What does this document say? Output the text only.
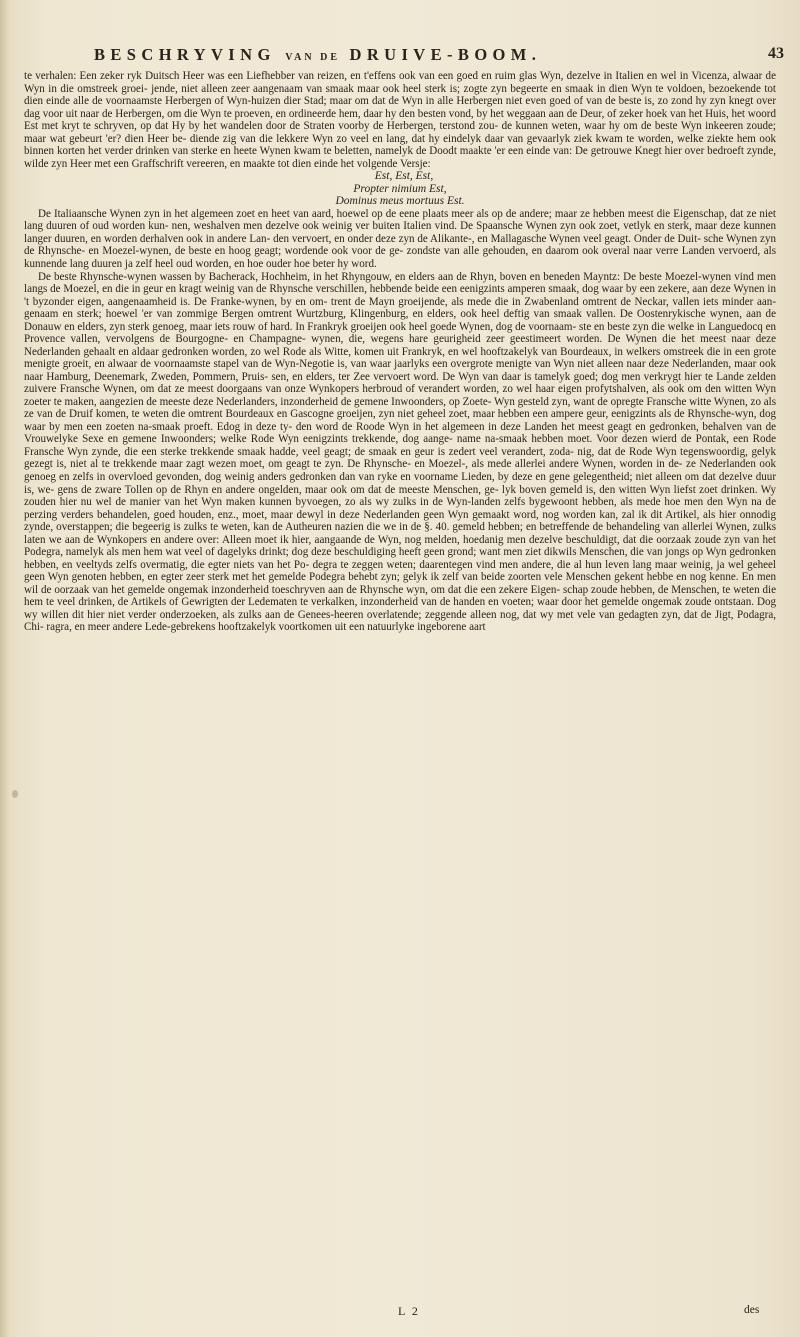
BESCHRYVING VAN DE DRUIVE-BOOM.	43

te verhalen: Een zeker ryk Duitsch Heer was een Liefhebber van reizen, en t'effens ook van een goed en ruim glas Wyn, dezelve in Italien en wel in Vicenza, alwaar de Wyn in die omstreek groei- jende, niet alleen zeer aangenaam van smaak maar ook heel sterk is; zogte zyn begeerte en smaak in dien Wyn te voldoen, bezoekende tot dien einde alle de voornaamste Herbergen of Wyn-huizen dier Stad; maar om dat de Wyn in alle Herbergen niet even goed of van de beste is, zo zond hy zyn knegt over dag voor uit naar de Herbergen, om die Wyn te proeven, en ordineerde hem, daar hy den besten vond, by het weggaan aan de Deur, of zeker hoek van het Huis, het woord Est met kryt te schryven, op dat Hy by het wandelen door de Straten voorby de Herbergen, terstond zou- de kunnen weten, waar hy om de beste Wyn inkeeren zoude; maar wat gebeurt 'er? dien Heer be- diende zig van die lekkere Wyn zo veel en lang, dat hy eindelyk daar van gevaarlyk ziek kwam te worden, welke ziekte hem ook binnen korten het verder drinken van sterke en heete Wynen kwam te beletten, namelyk de Doodt maakte 'er een einde van: De getrouwe Knegt hier over bedroeft zynde, wilde zyn Heer met een Graffschrift vereeren, en maakte tot dien einde het volgende Versje:

Est, Est, Est,

Propter nimium Est,

Dominus meus mortuus Est.

De Italiaansche Wynen zyn in het algemeen zoet en heet van aard, hoewel op de eene plaats meer als op de andere; maar ze hebben meest die Eigenschap, dat ze niet lang duuren of oud worden kun- nen, weshalven men dezelve ook weinig ver buiten Italien vind. De Spaansche Wynen zyn ook zoet, vetlyk en sterk, maar deze kunnen langer duuren, en worden derhalven ook in andere Lan- den vervoert, en onder deze zyn de Alikante-, en Mallagasche Wynen veel geagt. Onder de Duit- sche Wynen zyn de Rhynsche- en Moezel-wynen, de beste en hoog geagt; wordende ook voor de ge- zondste van alle gehouden, en daarom ook overal naar verre Landen vervoerd, als kunnende lang duuren ja zelf heel oud worden, en hoe ouder hoe beter hy word.

De beste Rhynsche-wynen wassen by Bacherack, Hochheim, in het Rhyngouw, en elders aan de Rhyn, boven en beneden Mayntz: De beste Moezel-wynen vind men langs de Moezel, en die in geur en kragt weinig van de Rhynsche verschillen, hebbende beide een eenigzints amperen smaak, dog waar by een zekere, aan deze Wynen in 't byzonder eigen, aangenaamheid is. De Franke-wynen, by en om- trent de Mayn groeijende, als mede die in Zwabenland omtrent de Neckar, vallen iets minder aan- genaam en sterk; hoewel 'er van zommige Bergen omtrent Wurtzburg, Klingenburg, en elders, ook heel deftig van smaak vallen. De Oostenrykische wynen, aan de Donauw en elders, zyn sterk genoeg, maar iets rouw of hard. In Frankryk groeijen ook heel goede Wynen, dog de voornaam- ste en beste zyn die welke in Languedocq en Provence vallen, vervolgens de Bourgogne- en Champagne- wynen, die, wegens hare geurigheid zeer geestimeert worden. De Wynen die het meest naar deze Nederlanden gehaalt en aldaar gedronken worden, zo wel Rode als Witte, komen uit Frankryk, en wel hooftzakelyk van Bourdeaux, in welkers omstreek die in een grote menigte groeit, en alwaar de voornaamste stapel van de Wyn-Negotie is, van waar jaarlyks een overgrote menigte van Wyn niet alleen naar deze Nederlanden, maar ook naar Hamburg, Deenemark, Zweden, Pommern, Pruis- sen, en elders, ter Zee vervoert word. De Wyn van daar is tamelyk goed; dog men verkrygt hier te Lande zelden zuivere Fransche Wynen, om dat ze meest doorgaans van onze Wynkopers herbroud of verandert worden, zo wel haar eigen profytshalven, als ook om den witten Wyn zoeter te maken, aangezien de meeste deze Nederlanders, inzonderheid de gemene Inwoonders, op Zoete- Wyn gesteld zyn, want de opregte Fransche witte Wynen, zo als ze van de Druif komen, te weten die omtrent Bourdeaux en Gascogne groeijen, zyn niet geheel zoet, maar hebben een ampere geur, eenigzints als de Rhynsche-wyn, dog waar by men een zoeten na-smaak proeft. Edog in deze ty- den word de Roode Wyn in het algemeen in deze Landen het meest geagt en gedronken, behalven van de Vrouwelyke Sexe en gemene Inwoonders; welke Rode Wyn eenigzints trekkende, dog aange- name na-smaak hebben moet. Voor dezen wierd de Pontak, een Rode Fransche Wyn zynde, die een sterke trekkende smaak hadde, veel geagt; de smaak en geur is zedert veel verandert, zoda- nig, dat de Rode Wyn tegenswoordig, gelyk gezegt is, niet al te trekkende maar zagt wezen moet, om geagt te zyn. De Rhynsche- en Moezel-, als mede allerlei andere Wynen, worden in de- ze Nederlanden ook genoeg en zelfs in overvloed gevonden, dog weinig anders gedronken dan van ryke en voorname Lieden, by deze en gene gelegentheid; niet alleen om dat dezelve duur is, we- gens de zware Tollen op de Rhyn en andere ongelden, maar ook om dat de meeste Menschen, ge- lyk boven gemeld is, den witten Wyn liefst zoet drinken. Wy zouden hier nu wel de manier van het Wyn maken kunnen byvoegen, zo als wy zulks in de Wyn-landen zelfs bygewoont hebben, als mede hoe men den Wyn na de perzing verders behandelen, goed houden, enz., moet, maar dewyl in deze Nederlanden geen Wyn gemaakt word, nog worden kan, zal ik dit Artikel, als hier onnodig zynde, overstappen; die begeerig is zulks te weten, kan de Autheuren nazien die we in de §. 40. gemeld hebben; en betreffende de behandeling van allerlei Wynen, zulks laten we aan de Wynkopers en andere over: Alleen moet ik hier, aangaande de Wyn, nog melden, hoedanig men dezelve beschuldigt, dat die oorzaak zoude zyn van het Podegra, namelyk als men hem wat veel of dagelyks drinkt; dog deze beschuldiging heeft geen grond; want men ziet dikwils Menschen, die van jongs op Wyn gedronken hebben, en veeltyds zelfs overmatig, die egter niets van het Po- degra te zeggen weten; daarentegen vind men andere, die al hun leven lang maar weinig, ja wel geheel geen Wyn genoten hebben, en egter zeer sterk met het gemelde Podegra behebt zyn; gelyk ik zelf van beide zoorten vele Menschen gekent hebbe en nog kenne. En men wil de oorzaak van het gemelde ongemak inzonderheid toeschryven aan de Rhynsche wyn, om dat die een zekere Eigen- schap zoude hebben, de Menschen, te weten die hem te veel drinken, de Artikels of Gewrigten der Ledematen te verkalken, inzonderheid van de handen en voeten; waar door het gemelde ongemak zoude ontstaan. Dog wy willen dit hier niet verder onderzoeken, als zulks aan de Genees-heeren overlatende; zeggende alleen nog, dat wy met vele van gedagten zyn, dat de Jigt, Podagra, Chi- ragra, en meer andere Lede-gebrekens hooftzakelyk voortkomen uit een natuurlyke ingeborene aart

L 2	des
